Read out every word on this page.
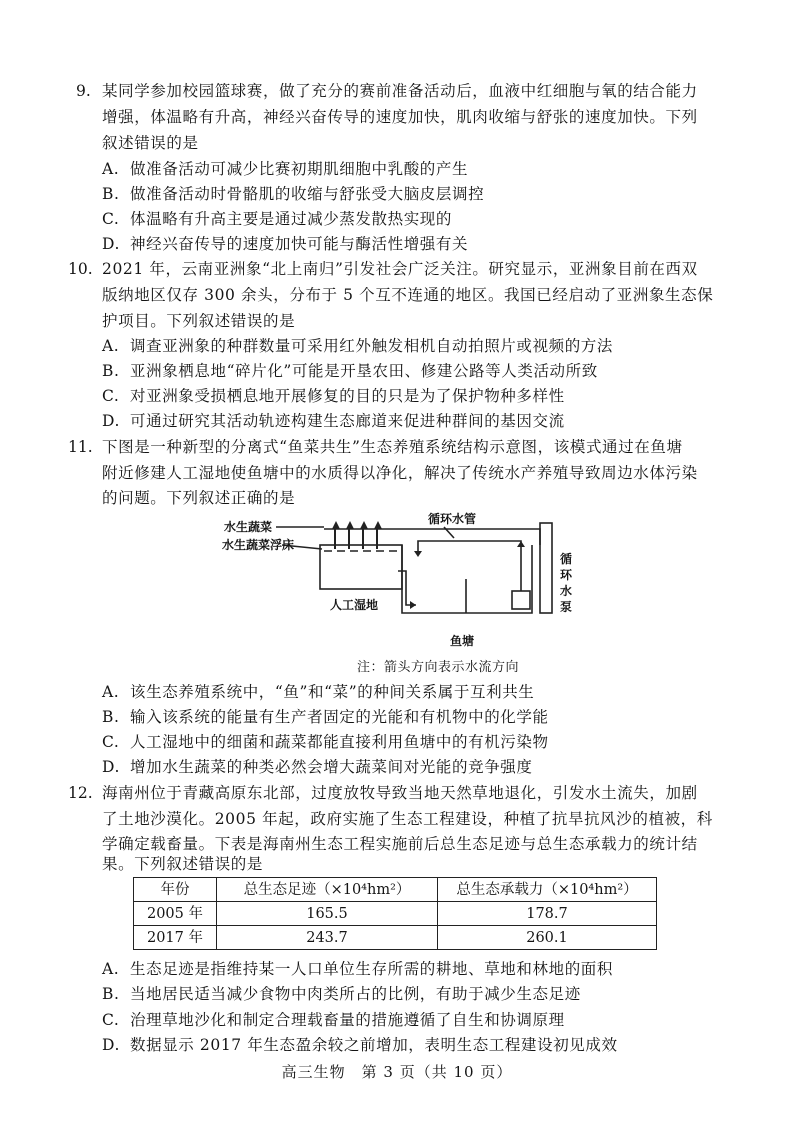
9. 某同学参加校园篮球赛，做了充分的赛前准备活动后，血液中红细胞与氧的结合能力
增强，体温略有升高，神经兴奋传导的速度加快，肌肉收缩与舒张的速度加快。下列
叙述错误的是
A. 做准备活动可减少比赛初期肌细胞中乳酸的产生
B. 做准备活动时骨骼肌的收缩与舒张受大脑皮层调控
C. 体温略有升高主要是通过减少蒸发散热实现的
D. 神经兴奋传导的速度加快可能与酶活性增强有关
10. 2021 年，云南亚洲象“北上南归”引发社会广泛关注。研究显示，亚洲象目前在西双
版纳地区仅存 300 余头，分布于 5 个互不连通的地区。我国已经启动了亚洲象生态保
护项目。下列叙述错误的是
A. 调查亚洲象的种群数量可采用红外触发相机自动拍照片或视频的方法
B. 亚洲象栖息地“碎片化”可能是开垦农田、修建公路等人类活动所致
C. 对亚洲象受损栖息地开展修复的目的只是为了保护物种多样性
D. 可通过研究其活动轨迹构建生态廊道来促进种群间的基因交流
11. 下图是一种新型的分离式“鱼菜共生”生态养殖系统结构示意图，该模式通过在鱼塘
附近修建人工湿地使鱼塘中的水质得以净化，解决了传统水产养殖导致周边水体污染
的问题。下列叙述正确的是
水生蔬菜
水生蔬菜浮床
循环水管
循
环
水
泵
人工湿地
鱼塘
注：箭头方向表示水流方向
A. 该生态养殖系统中，“鱼”和“菜”的种间关系属于互利共生
B. 输入该系统的能量有生产者固定的光能和有机物中的化学能
C. 人工湿地中的细菌和蔬菜都能直接利用鱼塘中的有机污染物
D. 增加水生蔬菜的种类必然会增大蔬菜间对光能的竞争强度
12. 海南州位于青藏高原东北部，过度放牧导致当地天然草地退化，引发水土流失，加剧
了土地沙漠化。2005 年起，政府实施了生态工程建设，种植了抗旱抗风沙的植被，科
学确定载畜量。下表是海南州生态工程实施前后总生态足迹与总生态承载力的统计结
果。下列叙述错误的是
年份	总生态足迹（×10⁴hm²）	总生态承载力（×10⁴hm²）
2005 年	165.5	178.7
2017 年	243.7	260.1
A. 生态足迹是指维持某一人口单位生存所需的耕地、草地和林地的面积
B. 当地居民适当减少食物中肉类所占的比例，有助于减少生态足迹
C. 治理草地沙化和制定合理载畜量的措施遵循了自生和协调原理
D. 数据显示 2017 年生态盈余较之前增加，表明生态工程建设初见成效
高三生物　第 3 页（共 10 页）
